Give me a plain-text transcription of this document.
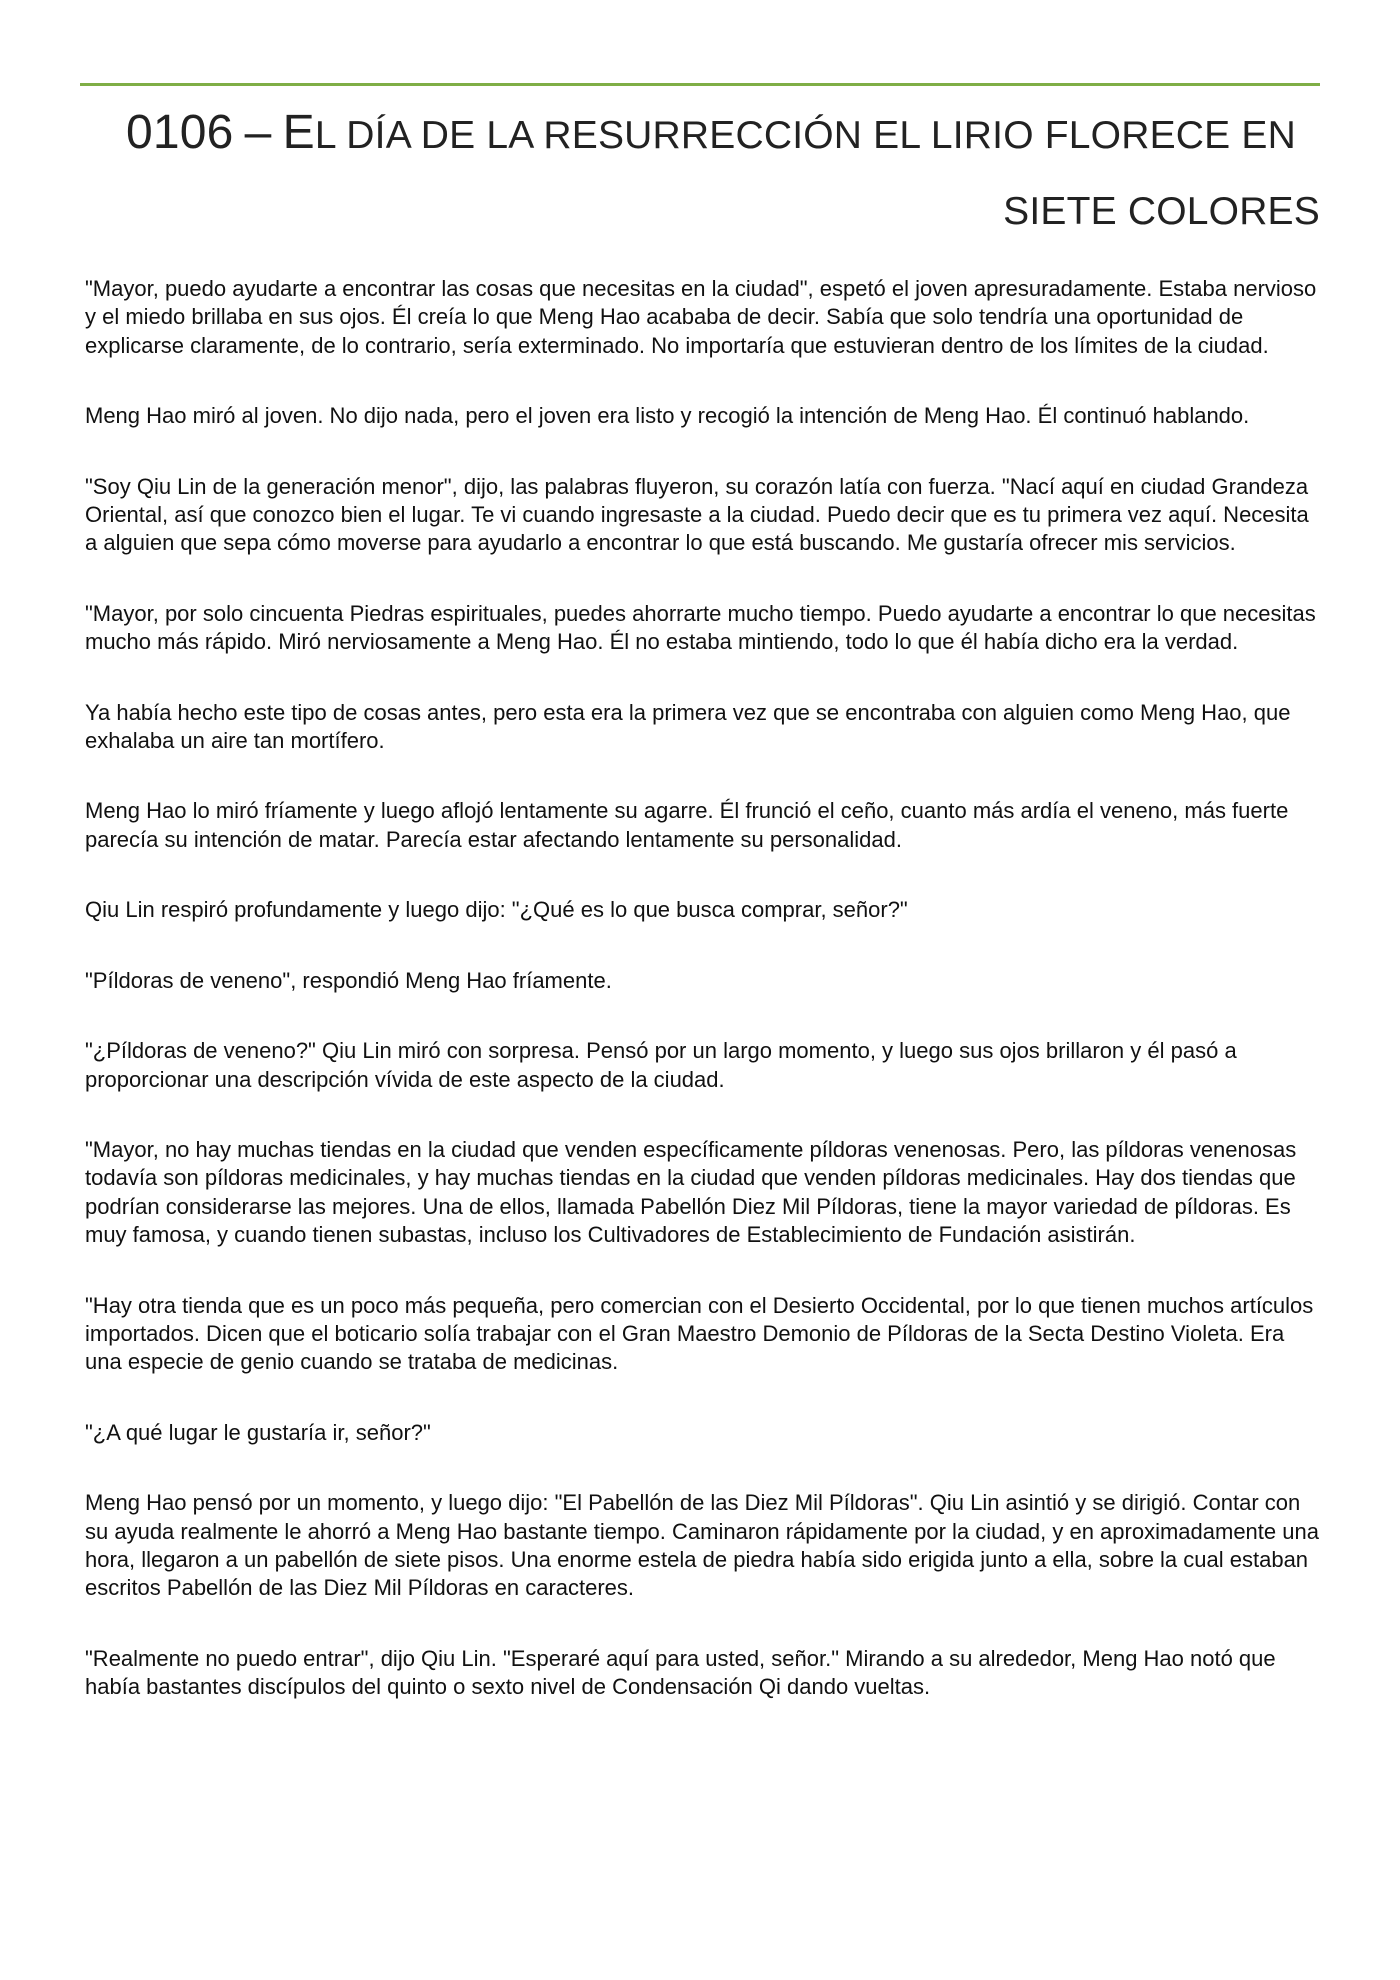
0106 – EL DÍA DE LA RESURRECCIÓN EL LIRIO FLORECE EN
SIETE COLORES

"Mayor, puedo ayudarte a encontrar las cosas que necesitas en la ciudad", espetó el joven apresuradamente. Estaba nervioso y el miedo brillaba en sus ojos. Él creía lo que Meng Hao acababa de decir. Sabía que solo tendría una oportunidad de explicarse claramente, de lo contrario, sería exterminado. No importaría que estuvieran dentro de los límites de la ciudad.

Meng Hao miró al joven. No dijo nada, pero el joven era listo y recogió la intención de Meng Hao. Él continuó hablando.

"Soy Qiu Lin de la generación menor", dijo, las palabras fluyeron, su corazón latía con fuerza. "Nací aquí en ciudad Grandeza Oriental, así que conozco bien el lugar. Te vi cuando ingresaste a la ciudad. Puedo decir que es tu primera vez aquí. Necesita a alguien que sepa cómo moverse para ayudarlo a encontrar lo que está buscando. Me gustaría ofrecer mis servicios.

"Mayor, por solo cincuenta Piedras espirituales, puedes ahorrarte mucho tiempo. Puedo ayudarte a encontrar lo que necesitas mucho más rápido. Miró nerviosamente a Meng Hao. Él no estaba mintiendo, todo lo que él había dicho era la verdad.

Ya había hecho este tipo de cosas antes, pero esta era la primera vez que se encontraba con alguien como Meng Hao, que exhalaba un aire tan mortífero.

Meng Hao lo miró fríamente y luego aflojó lentamente su agarre. Él frunció el ceño, cuanto más ardía el veneno, más fuerte parecía su intención de matar. Parecía estar afectando lentamente su personalidad.

Qiu Lin respiró profundamente y luego dijo: "¿Qué es lo que busca comprar, señor?"

"Píldoras de veneno", respondió Meng Hao fríamente.

"¿Píldoras de veneno?" Qiu Lin miró con sorpresa. Pensó por un largo momento, y luego sus ojos brillaron y él pasó a proporcionar una descripción vívida de este aspecto de la ciudad.

"Mayor, no hay muchas tiendas en la ciudad que venden específicamente píldoras venenosas. Pero, las píldoras venenosas todavía son píldoras medicinales, y hay muchas tiendas en la ciudad que venden píldoras medicinales. Hay dos tiendas que podrían considerarse las mejores. Una de ellos, llamada Pabellón Diez Mil Píldoras, tiene la mayor variedad de píldoras. Es muy famosa, y cuando tienen subastas, incluso los Cultivadores de Establecimiento de Fundación asistirán.

"Hay otra tienda que es un poco más pequeña, pero comercian con el Desierto Occidental, por lo que tienen muchos artículos importados. Dicen que el boticario solía trabajar con el Gran Maestro Demonio de Píldoras de la Secta Destino Violeta. Era una especie de genio cuando se trataba de medicinas.

"¿A qué lugar le gustaría ir, señor?"

Meng Hao pensó por un momento, y luego dijo: "El Pabellón de las Diez Mil Píldoras". Qiu Lin asintió y se dirigió. Contar con su ayuda realmente le ahorró a Meng Hao bastante tiempo. Caminaron rápidamente por la ciudad, y en aproximadamente una hora, llegaron a un pabellón de siete pisos. Una enorme estela de piedra había sido erigida junto a ella, sobre la cual estaban escritos Pabellón de las Diez Mil Píldoras en caracteres.

"Realmente no puedo entrar", dijo Qiu Lin. "Esperaré aquí para usted, señor." Mirando a su alrededor, Meng Hao notó que había bastantes discípulos del quinto o sexto nivel de Condensación Qi dando vueltas.
